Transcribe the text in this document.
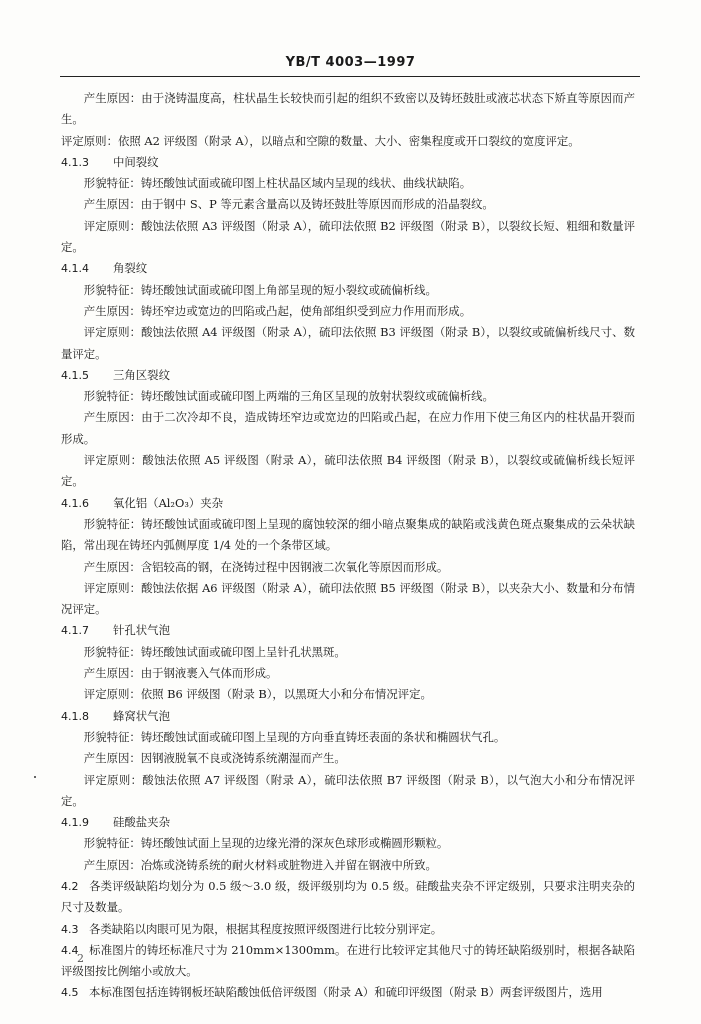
YB/T 4003—1997

产生原因：由于浇铸温度高，柱状晶生长较快而引起的组织不致密以及铸坯鼓肚或液芯状态下矫直等原因而产生。

评定原则：依照 A2 评级图（附录 A），以暗点和空隙的数量、大小、密集程度或开口裂纹的宽度评定。

4.1.3 中间裂纹

形貌特征：铸坯酸蚀试面或硫印图上柱状晶区域内呈现的线状、曲线状缺陷。

产生原因：由于钢中 S、P 等元素含量高以及铸坯鼓肚等原因而形成的沿晶裂纹。

评定原则：酸蚀法依照 A3 评级图（附录 A），硫印法依照 B2 评级图（附录 B），以裂纹长短、粗细和数量评定。

4.1.4 角裂纹

形貌特征：铸坯酸蚀试面或硫印图上角部呈现的短小裂纹或硫偏析线。

产生原因：铸坯窄边或宽边的凹陷或凸起，使角部组织受到应力作用而形成。

评定原则：酸蚀法依照 A4 评级图（附录 A），硫印法依照 B3 评级图（附录 B），以裂纹或硫偏析线尺寸、数量评定。

4.1.5 三角区裂纹

形貌特征：铸坯酸蚀试面或硫印图上两端的三角区呈现的放射状裂纹或硫偏析线。

产生原因：由于二次冷却不良，造成铸坯窄边或宽边的凹陷或凸起，在应力作用下使三角区内的柱状晶开裂而形成。

评定原则：酸蚀法依照 A5 评级图（附录 A），硫印法依照 B4 评级图（附录 B），以裂纹或硫偏析线长短评定。

4.1.6 氧化铝（Al₂O₃）夹杂

形貌特征：铸坯酸蚀试面或硫印图上呈现的腐蚀较深的细小暗点聚集成的缺陷或浅黄色斑点聚集成的云朵状缺陷，常出现在铸坯内弧侧厚度 1/4 处的一个条带区域。

产生原因：含铝较高的钢，在浇铸过程中因钢液二次氧化等原因而形成。

评定原则：酸蚀法依据 A6 评级图（附录 A），硫印法依照 B5 评级图（附录 B），以夹杂大小、数量和分布情况评定。

4.1.7 针孔状气泡

形貌特征：铸坯酸蚀试面或硫印图上呈针孔状黑斑。

产生原因：由于钢液裹入气体而形成。

评定原则：依照 B6 评级图（附录 B），以黑斑大小和分布情况评定。

4.1.8 蜂窝状气泡

形貌特征：铸坯酸蚀试面或硫印图上呈现的方向垂直铸坯表面的条状和椭圆状气孔。

产生原因：因钢液脱氧不良或浇铸系统潮湿而产生。

评定原则：酸蚀法依照 A7 评级图（附录 A），硫印法依照 B7 评级图（附录 B），以气泡大小和分布情况评定。

4.1.9 硅酸盐夹杂

形貌特征：铸坯酸蚀试面上呈现的边缘光滑的深灰色球形或椭圆形颗粒。

产生原因：冶炼或浇铸系统的耐火材料或脏物进入并留在钢液中所致。

4.2 各类评级缺陷均划分为 0.5 级～3.0 级，级评级别均为 0.5 级。硅酸盐夹杂不评定级别，只要求注明夹杂的尺寸及数量。

4.3 各类缺陷以肉眼可见为限，根据其程度按照评级图进行比较分别评定。

4.4 标准图片的铸坯标准尺寸为 210mm×1300mm。在进行比较评定其他尺寸的铸坯缺陷级别时，根据各缺陷评级图按比例缩小或放大。

4.5 本标准图包括连铸钢板坯缺陷酸蚀低倍评级图（附录 A）和硫印评级图（附录 B）两套评级图片，选用

2
